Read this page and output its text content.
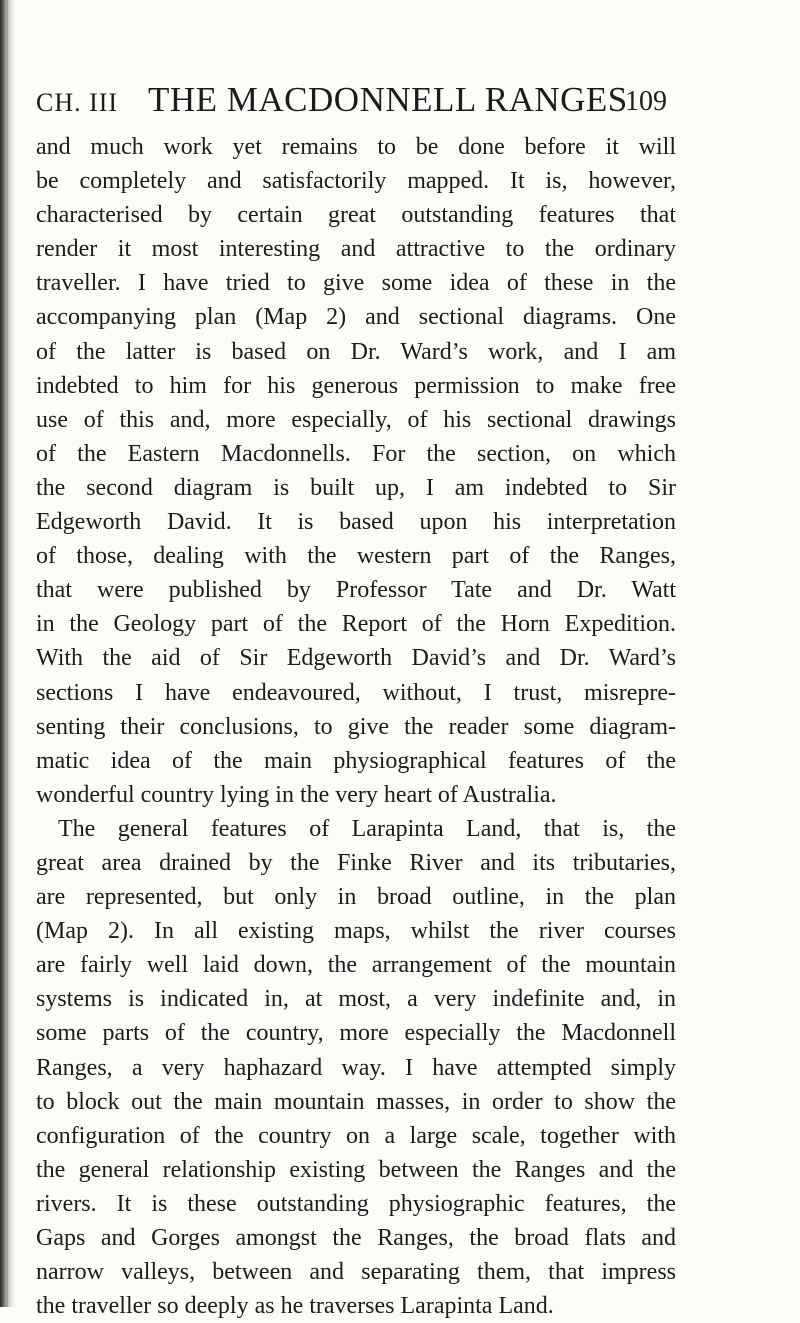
CH. III THE MACDONNELL RANGES
109
and much work yet remains to be done before it will
be completely and satisfactorily mapped. It is, however,
characterised by certain great outstanding features that
render it most interesting and attractive to the ordinary
traveller. I have tried to give some idea of these in the
accompanying plan (Map 2) and sectional diagrams. One
of the latter is based on Dr. Ward’s work, and I am
indebted to him for his generous permission to make free
use of this and, more especially, of his sectional drawings
of the Eastern Macdonnells. For the section, on which
the second diagram is built up, I am indebted to Sir
Edgeworth David. It is based upon his interpretation
of those, dealing with the western part of the Ranges,
that were published by Professor Tate and Dr. Watt
in the Geology part of the Report of the Horn Expedition.
With the aid of Sir Edgeworth David’s and Dr. Ward’s
sections I have endeavoured, without, I trust, misrepre-
senting their conclusions, to give the reader some diagram-
matic idea of the main physiographical features of the
wonderful country lying in the very heart of Australia.
The general features of Larapinta Land, that is, the
great area drained by the Finke River and its tributaries,
are represented, but only in broad outline, in the plan
(Map 2). In all existing maps, whilst the river courses
are fairly well laid down, the arrangement of the mountain
systems is indicated in, at most, a very indefinite and, in
some parts of the country, more especially the Macdonnell
Ranges, a very haphazard way. I have attempted simply
to block out the main mountain masses, in order to show the
configuration of the country on a large scale, together with
the general relationship existing between the Ranges and the
rivers. It is these outstanding physiographic features, the
Gaps and Gorges amongst the Ranges, the broad flats and
narrow valleys, between and separating them, that impress
the traveller so deeply as he traverses Larapinta Land.
